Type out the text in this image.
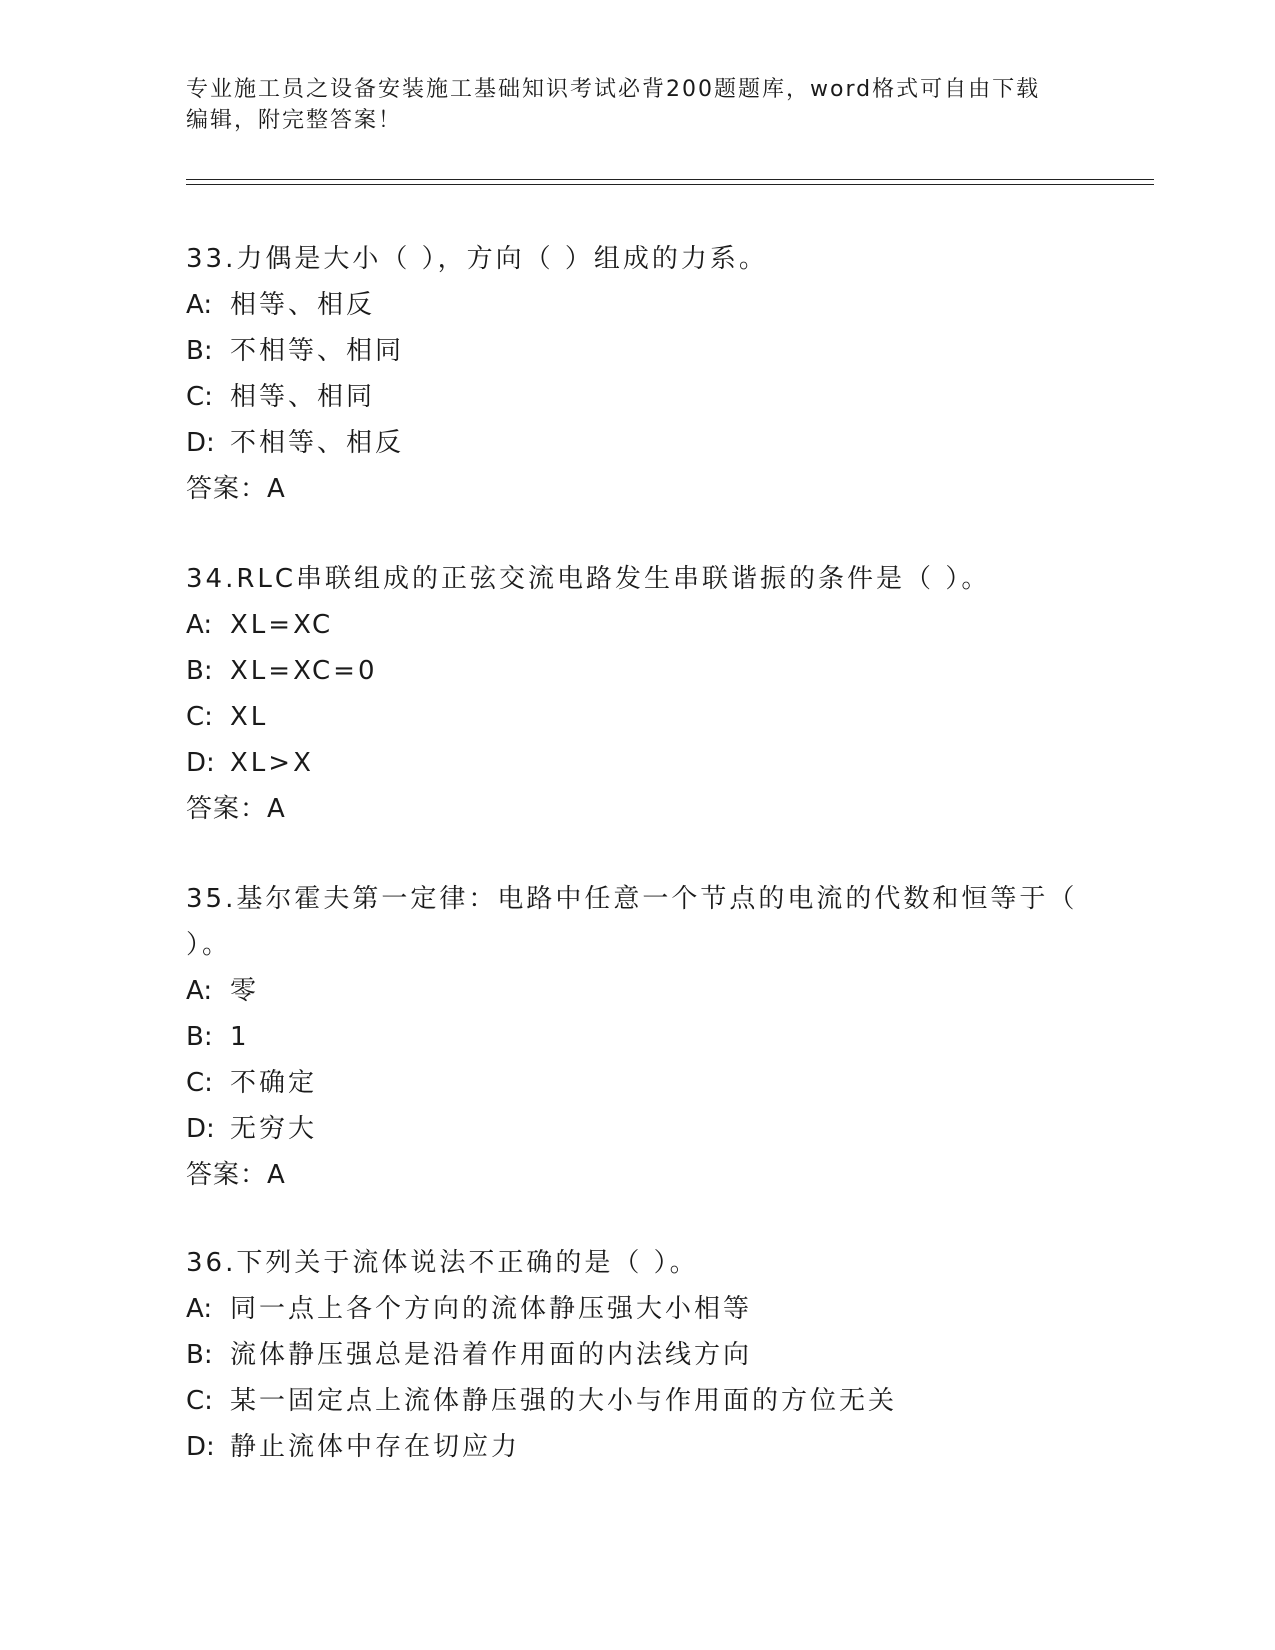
专业施工员之设备安装施工基础知识考试必背200题题库，word格式可自由下载
编辑，附完整答案！

33.力偶是大小（ ），方向（ ）组成的力系。

A: 相等、相反

B: 不相等、相同

C: 相等、相同

D: 不相等、相反

答案：A

34.RLC串联组成的正弦交流电路发生串联谐振的条件是（ ）。

A: XL=XC

B: XL=XC=0

C: XL

D: XL>X

答案：A

35.基尔霍夫第一定律：电路中任意一个节点的电流的代数和恒等于（

）。

A: 零

B: 1

C: 不确定

D: 无穷大

答案：A

36.下列关于流体说法不正确的是（ ）。

A: 同一点上各个方向的流体静压强大小相等

B: 流体静压强总是沿着作用面的内法线方向

C: 某一固定点上流体静压强的大小与作用面的方位无关

D: 静止流体中存在切应力
